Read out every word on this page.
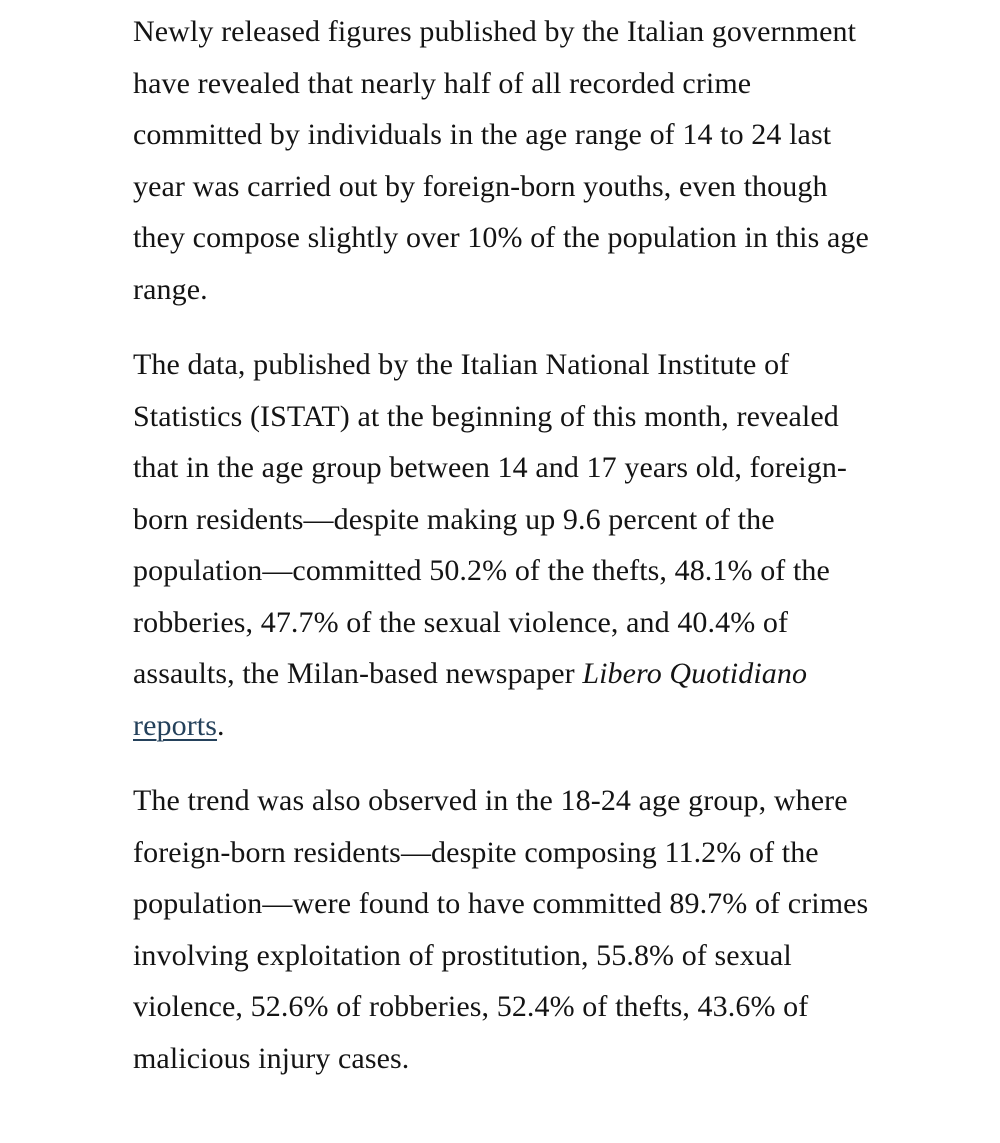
Newly released figures published by the Italian government have revealed that nearly half of all recorded crime committed by individuals in the age range of 14 to 24 last year was carried out by foreign-born youths, even though they compose slightly over 10% of the population in this age range.

The data, published by the Italian National Institute of Statistics (ISTAT) at the beginning of this month, revealed that in the age group between 14 and 17 years old, foreign-born residents—despite making up 9.6 percent of the population—committed 50.2% of the thefts, 48.1% of the robberies, 47.7% of the sexual violence, and 40.4% of assaults, the Milan-based newspaper Libero Quotidiano reports.

The trend was also observed in the 18-24 age group, where foreign-born residents—despite composing 11.2% of the population—were found to have committed 89.7% of crimes involving exploitation of prostitution, 55.8% of sexual violence, 52.6% of robberies, 52.4% of thefts, 43.6% of malicious injury cases.
